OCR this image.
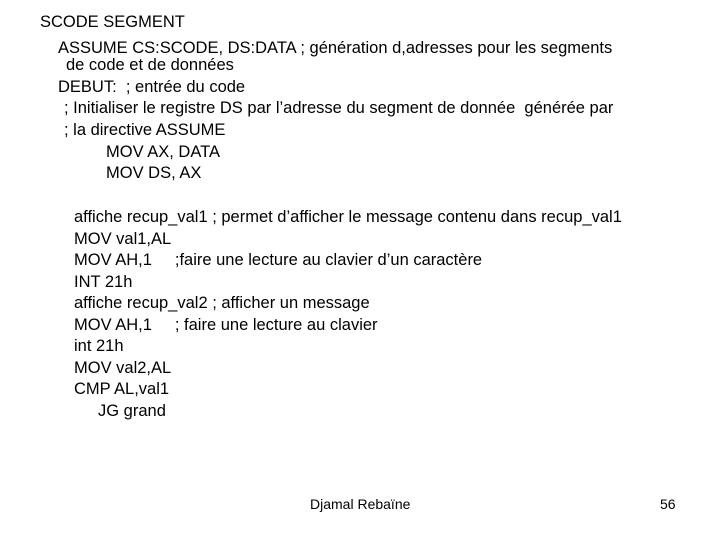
SCODE SEGMENT
ASSUME CS:SCODE, DS:DATA ; génération d,adresses pour les segments
de code et de données
DEBUT:  ; entrée du code
; Initialiser le registre DS par l’adresse du segment de donnée  générée par
; la directive ASSUME
MOV AX, DATA
MOV DS, AX
affiche recup_val1 ; permet d’afficher le message contenu dans recup_val1
MOV val1,AL
MOV AH,1     ;faire une lecture au clavier d’un caractère
INT 21h
affiche recup_val2 ; afficher un message
MOV AH,1     ; faire une lecture au clavier
int 21h
MOV val2,AL
CMP AL,val1
JG grand
Djamal Rebaïne	56
